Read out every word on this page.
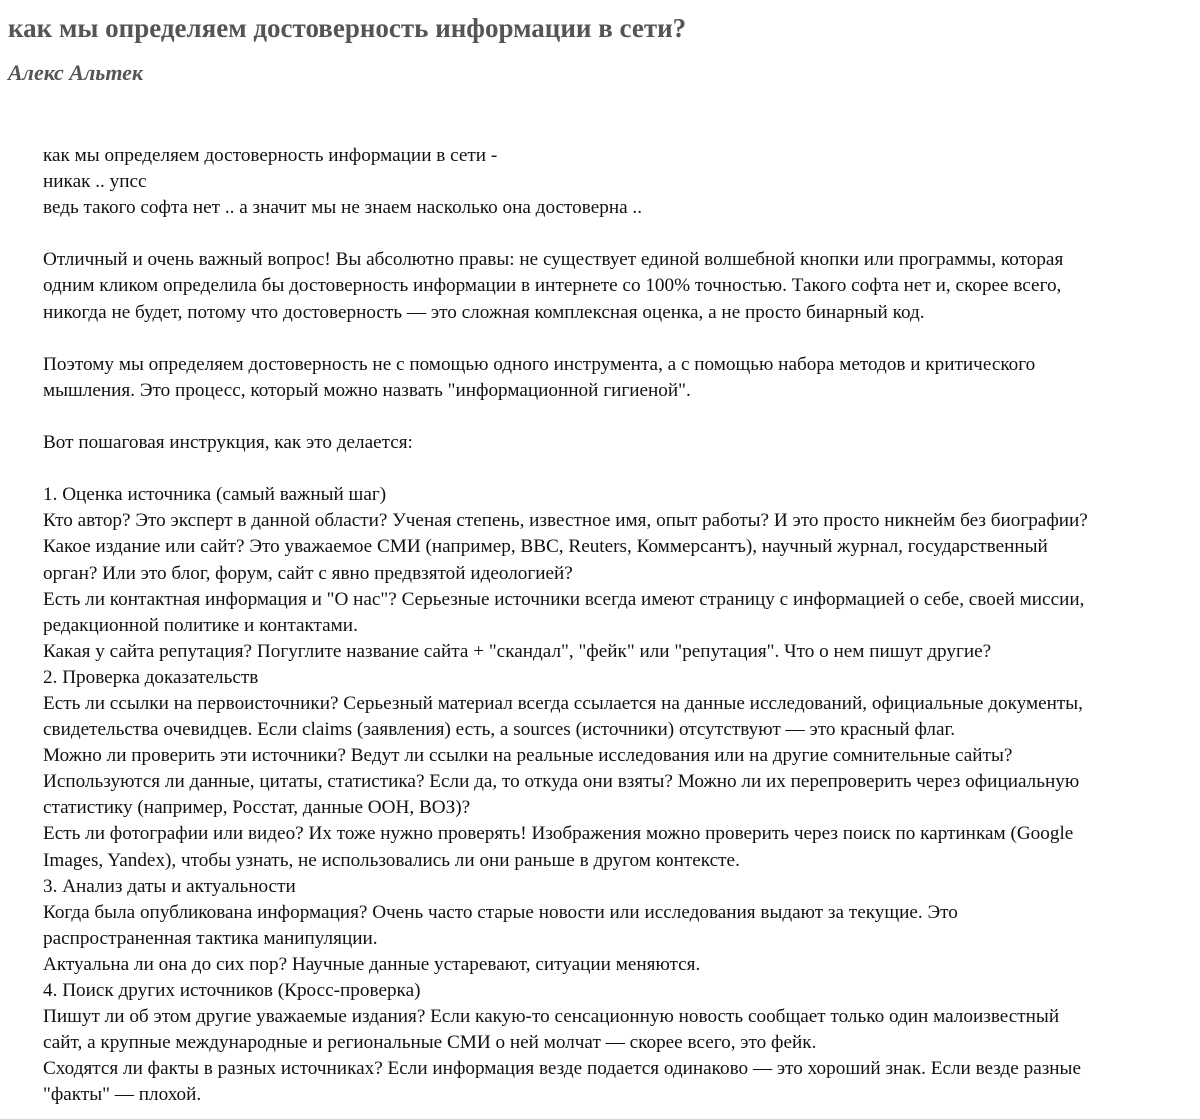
как мы определяем достоверность информации в сети?
Алекс Альтек

как мы определяем достоверность информации в сети -
никак .. упсс
ведь такого софта нет .. а значит мы не знаем насколько она достоверна ..

Отличный и очень важный вопрос! Вы абсолютно правы: не существует единой волшебной кнопки или программы, которая
одним кликом определила бы достоверность информации в интернете со 100% точностью. Такого софта нет и, скорее всего,
никогда не будет, потому что достоверность — это сложная комплексная оценка, а не просто бинарный код.

Поэтому мы определяем достоверность не с помощью одного инструмента, а с помощью набора методов и критического
мышления. Это процесс, который можно назвать "информационной гигиеной".

Вот пошаговая инструкция, как это делается:

1. Оценка источника (самый важный шаг)
Кто автор? Это эксперт в данной области? Ученая степень, известное имя, опыт работы? И это просто никнейм без биографии?
Какое издание или сайт? Это уважаемое СМИ (например, BBC, Reuters, Коммерсантъ), научный журнал, государственный
орган? Или это блог, форум, сайт с явно предвзятой идеологией?
Есть ли контактная информация и "О нас"? Серьезные источники всегда имеют страницу с информацией о себе, своей миссии,
редакционной политике и контактами.
Какая у сайта репутация? Погуглите название сайта + "скандал", "фейк" или "репутация". Что о нем пишут другие?
2. Проверка доказательств
Есть ли ссылки на первоисточники? Серьезный материал всегда ссылается на данные исследований, официальные документы,
свидетельства очевидцев. Если claims (заявления) есть, а sources (источники) отсутствуют — это красный флаг.
Можно ли проверить эти источники? Ведут ли ссылки на реальные исследования или на другие сомнительные сайты?
Используются ли данные, цитаты, статистика? Если да, то откуда они взяты? Можно ли их перепроверить через официальную
статистику (например, Росстат, данные ООН, ВОЗ)?
Есть ли фотографии или видео? Их тоже нужно проверять! Изображения можно проверить через поиск по картинкам (Google
Images, Yandex), чтобы узнать, не использовались ли они раньше в другом контексте.
3. Анализ даты и актуальности
Когда была опубликована информация? Очень часто старые новости или исследования выдают за текущие. Это
распространенная тактика манипуляции.
Актуальна ли она до сих пор? Научные данные устаревают, ситуации меняются.
4. Поиск других источников (Кросс-проверка)
Пишут ли об этом другие уважаемые издания? Если какую-то сенсационную новость сообщает только один малоизвестный
сайт, а крупные международные и региональные СМИ о ней молчат — скорее всего, это фейк.
Сходятся ли факты в разных источниках? Если информация везде подается одинаково — это хороший знак. Если везде разные
"факты" — плохой.
